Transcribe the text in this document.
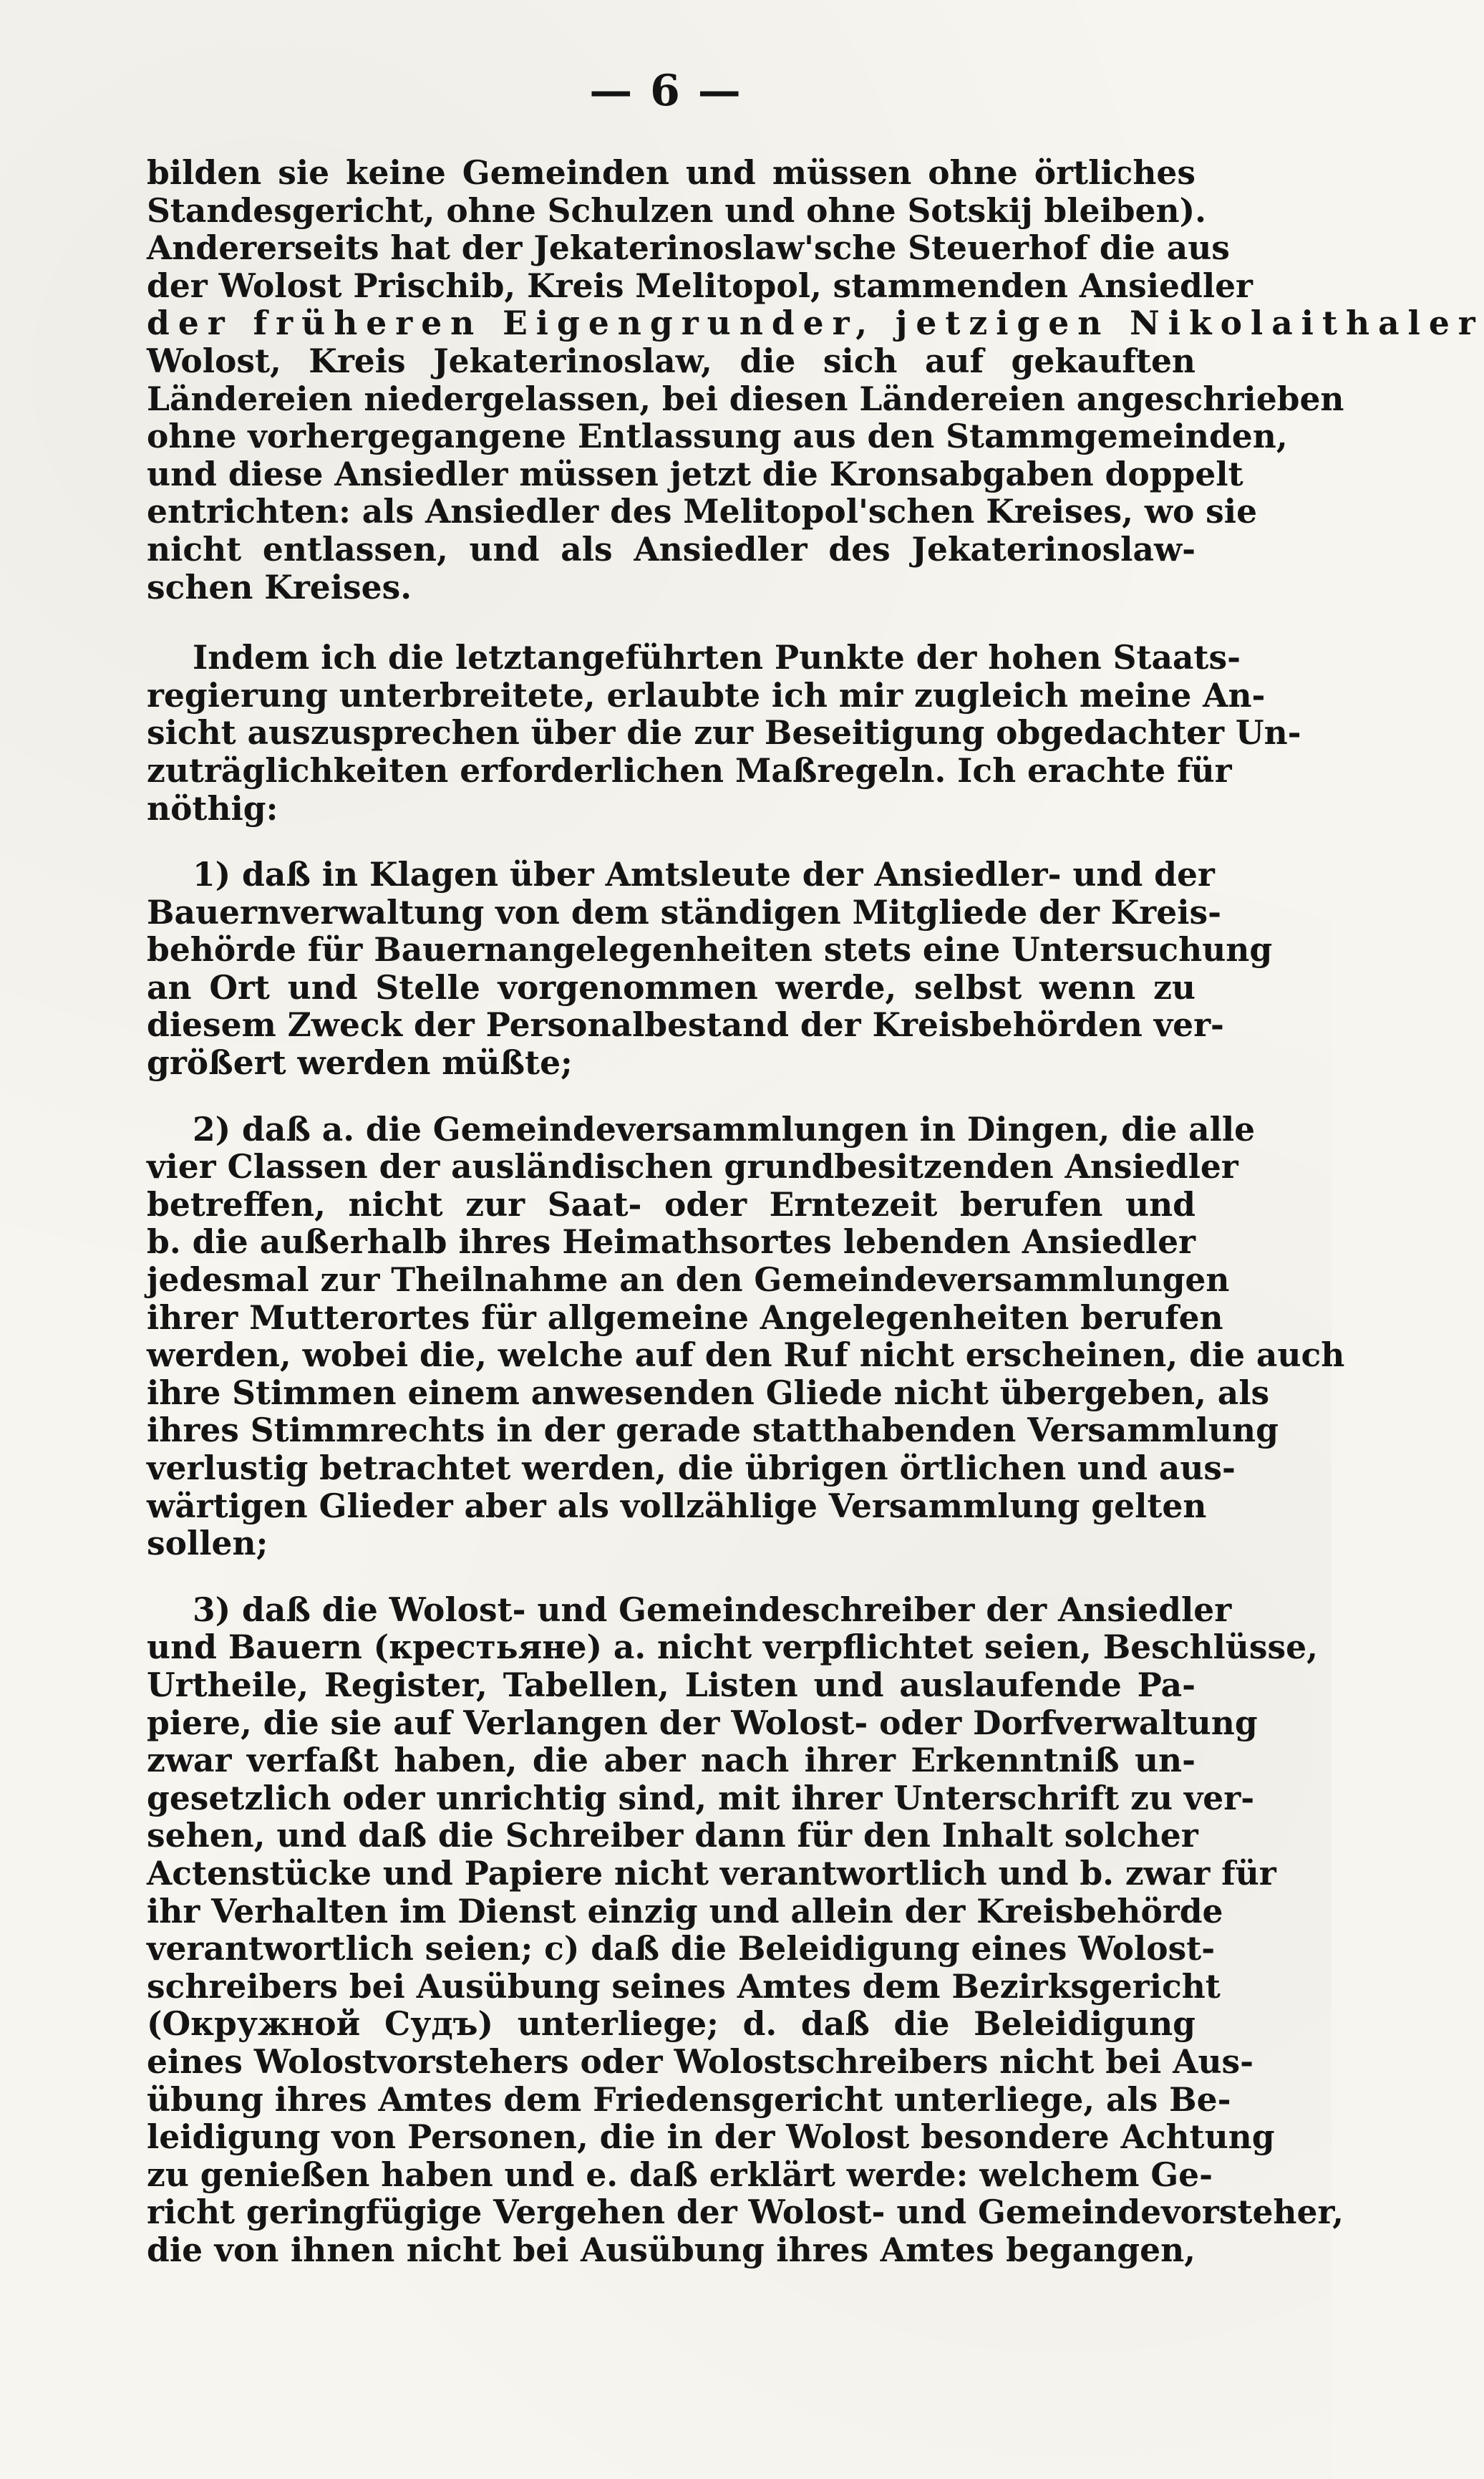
— 6 —
bilden sie keine Gemeinden und müssen ohne örtliches
Standesgericht, ohne Schulzen und ohne Sotskij bleiben).
Andererseits hat der Jekaterinoslaw'sche Steuerhof die aus
der Wolost Prischib, Kreis Melitopol, stammenden Ansiedler
der früheren Eigengrunder, jetzigen Nikolaithaler
Wolost, Kreis Jekaterinoslaw, die sich auf gekauften
Ländereien niedergelassen, bei diesen Ländereien angeschrieben
ohne vorhergegangene Entlassung aus den Stammgemeinden,
und diese Ansiedler müssen jetzt die Kronsabgaben doppelt
entrichten: als Ansiedler des Melitopol'schen Kreises, wo sie
nicht entlassen, und als Ansiedler des Jekaterinoslaw-
schen Kreises.
Indem ich die letztangeführten Punkte der hohen Staats-
regierung unterbreitete, erlaubte ich mir zugleich meine An-
sicht auszusprechen über die zur Beseitigung obgedachter Un-
zuträglichkeiten erforderlichen Maßregeln. Ich erachte für
nöthig:
1) daß in Klagen über Amtsleute der Ansiedler- und der
Bauernverwaltung von dem ständigen Mitgliede der Kreis-
behörde für Bauernangelegenheiten stets eine Untersuchung
an Ort und Stelle vorgenommen werde, selbst wenn zu
diesem Zweck der Personalbestand der Kreisbehörden ver-
größert werden müßte;
2) daß a. die Gemeindeversammlungen in Dingen, die alle
vier Classen der ausländischen grundbesitzenden Ansiedler
betreffen, nicht zur Saat- oder Erntezeit berufen und
b. die außerhalb ihres Heimathsortes lebenden Ansiedler
jedesmal zur Theilnahme an den Gemeindeversammlungen
ihrer Mutterortes für allgemeine Angelegenheiten berufen
werden, wobei die, welche auf den Ruf nicht erscheinen, die auch
ihre Stimmen einem anwesenden Gliede nicht übergeben, als
ihres Stimmrechts in der gerade statthabenden Versammlung
verlustig betrachtet werden, die übrigen örtlichen und aus-
wärtigen Glieder aber als vollzählige Versammlung gelten
sollen;
3) daß die Wolost- und Gemeindeschreiber der Ansiedler
und Bauern (крестьяне) a. nicht verpflichtet seien, Beschlüsse,
Urtheile, Register, Tabellen, Listen und auslaufende Pa-
piere, die sie auf Verlangen der Wolost- oder Dorfverwaltung
zwar verfaßt haben, die aber nach ihrer Erkenntniß un-
gesetzlich oder unrichtig sind, mit ihrer Unterschrift zu ver-
sehen, und daß die Schreiber dann für den Inhalt solcher
Actenstücke und Papiere nicht verantwortlich und b. zwar für
ihr Verhalten im Dienst einzig und allein der Kreisbehörde
verantwortlich seien; c) daß die Beleidigung eines Wolost-
schreibers bei Ausübung seines Amtes dem Bezirksgericht
(Окружной Судъ) unterliege; d. daß die Beleidigung
eines Wolostvorstehers oder Wolostschreibers nicht bei Aus-
übung ihres Amtes dem Friedensgericht unterliege, als Be-
leidigung von Personen, die in der Wolost besondere Achtung
zu genießen haben und e. daß erklärt werde: welchem Ge-
richt geringfügige Vergehen der Wolost- und Gemeindevorsteher,
die von ihnen nicht bei Ausübung ihres Amtes begangen,
